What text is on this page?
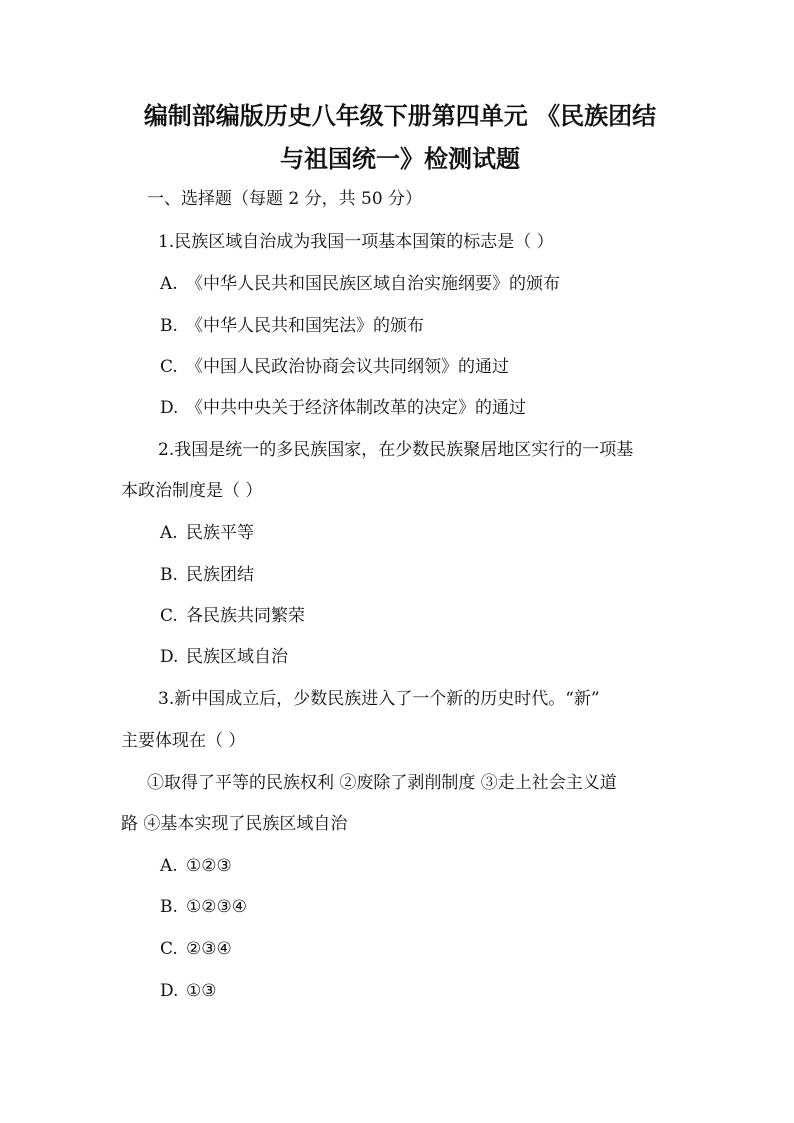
编制部编版历史八年级下册第四单元 《民族团结
与祖国统一》检测试题
一、选择题（每题 2 分，共 50 分）
1.民族区域自治成为我国一项基本国策的标志是（ ）
A. 《中华人民共和国民族区域自治实施纲要》的颁布
B. 《中华人民共和国宪法》的颁布
C. 《中国人民政治协商会议共同纲领》的通过
D. 《中共中央关于经济体制改革的决定》的通过
2.我国是统一的多民族国家，在少数民族聚居地区实行的一项基
本政治制度是（ ）
A. 民族平等
B. 民族团结
C. 各民族共同繁荣
D. 民族区域自治
3.新中国成立后，少数民族进入了一个新的历史时代。“新”
主要体现在（ ）
①取得了平等的民族权利 ②废除了剥削制度 ③走上社会主义道
路 ④基本实现了民族区域自治
A. ①②③
B. ①②③④
C. ②③④
D. ①③
